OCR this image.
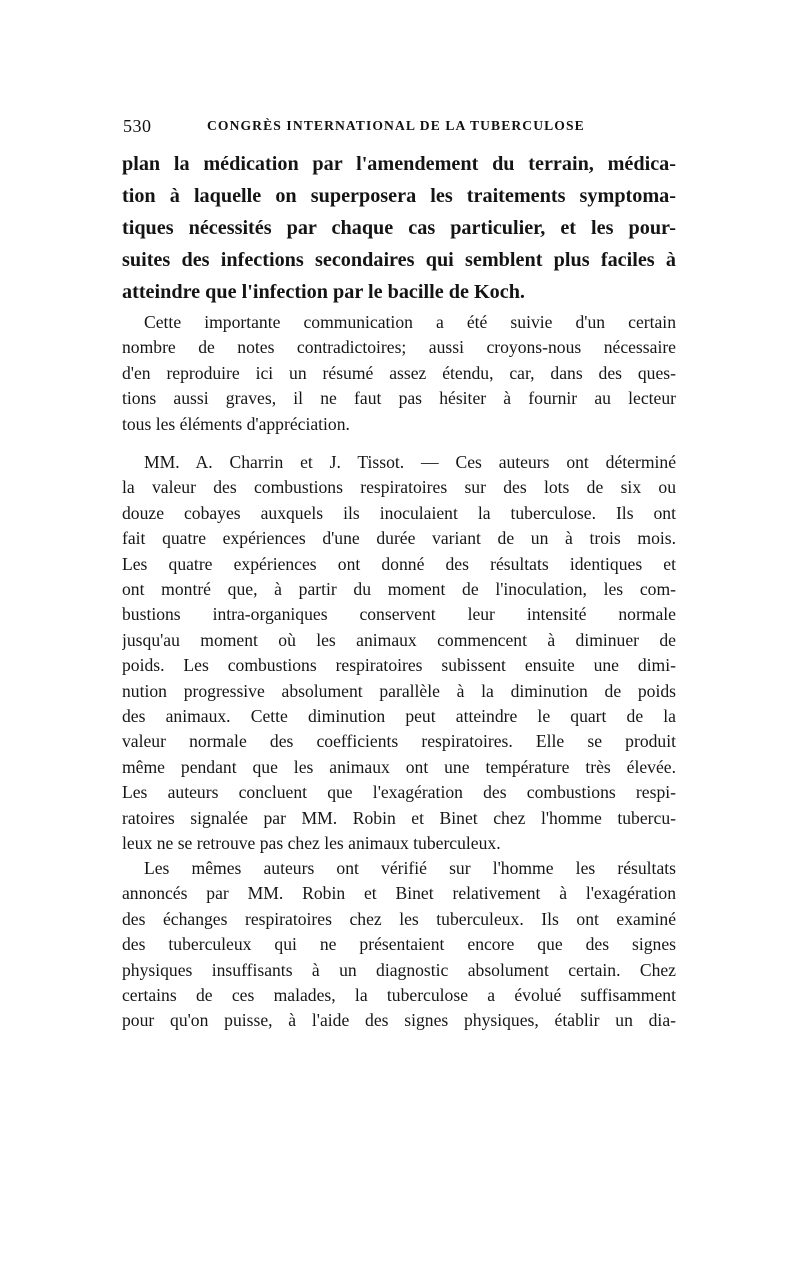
530	CONGRÈS INTERNATIONAL DE LA TUBERCULOSE

plan la médication par l'amendement du terrain, médica-
tion à laquelle on superposera les traitements symptoma-
tiques nécessités par chaque cas particulier, et les pour-
suites des infections secondaires qui semblent plus faciles à
atteindre que l'infection par le bacille de Koch.

Cette importante communication a été suivie d'un certain
nombre de notes contradictoires; aussi croyons-nous nécessaire
d'en reproduire ici un résumé assez étendu, car, dans des ques-
tions aussi graves, il ne faut pas hésiter à fournir au lecteur
tous les éléments d'appréciation.

MM. A. Charrin et J. Tissot. — Ces auteurs ont déterminé
la valeur des combustions respiratoires sur des lots de six ou
douze cobayes auxquels ils inoculaient la tuberculose. Ils ont
fait quatre expériences d'une durée variant de un à trois mois.
Les quatre expériences ont donné des résultats identiques et
ont montré que, à partir du moment de l'inoculation, les com-
bustions intra-organiques conservent leur intensité normale
jusqu'au moment où les animaux commencent à diminuer de
poids. Les combustions respiratoires subissent ensuite une dimi-
nution progressive absolument parallèle à la diminution de poids
des animaux. Cette diminution peut atteindre le quart de la
valeur normale des coefficients respiratoires. Elle se produit
même pendant que les animaux ont une température très élevée.
Les auteurs concluent que l'exagération des combustions respi-
ratoires signalée par MM. Robin et Binet chez l'homme tubercu-
leux ne se retrouve pas chez les animaux tuberculeux.

Les mêmes auteurs ont vérifié sur l'homme les résultats
annoncés par MM. Robin et Binet relativement à l'exagération
des échanges respiratoires chez les tuberculeux. Ils ont examiné
des tuberculeux qui ne présentaient encore que des signes
physiques insuffisants à un diagnostic absolument certain. Chez
certains de ces malades, la tuberculose a évolué suffisamment
pour qu'on puisse, à l'aide des signes physiques, établir un dia-
